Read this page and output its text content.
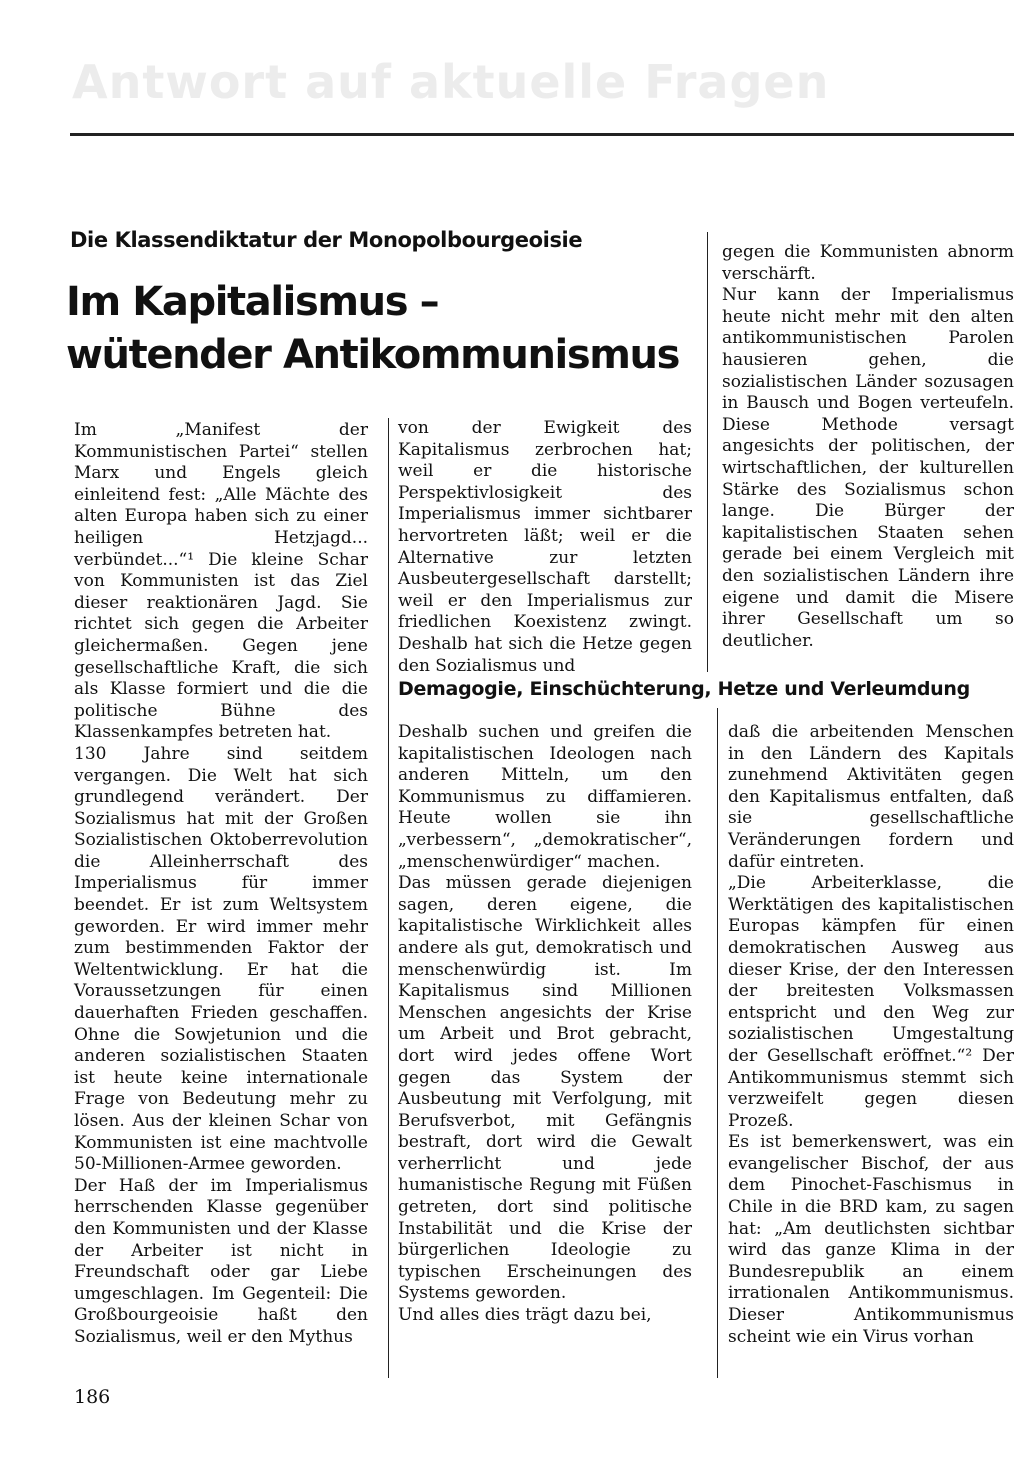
Antwort auf aktuelle Fragen
Die Klassendiktatur der Monopolbourgeoisie
Im Kapitalismus –
wütender Antikommunismus

Im „Manifest der Kommunistischen Partei“ stellen Marx und Engels gleich einleitend fest: „Alle Mächte des alten Europa haben sich zu einer heiligen Hetzjagd... verbündet...“¹ Die kleine Schar von Kommunisten ist das Ziel dieser reaktionären Jagd. Sie richtet sich gegen die Arbeiter gleichermaßen. Gegen jene gesellschaftliche Kraft, die sich als Klasse formiert und die die politische Bühne des Klassenkampfes betreten hat.

130 Jahre sind seitdem vergangen. Die Welt hat sich grundlegend verändert. Der Sozialismus hat mit der Großen Sozialistischen Oktoberrevolution die Alleinherrschaft des Imperialismus für immer beendet. Er ist zum Weltsystem geworden. Er wird immer mehr zum bestimmenden Faktor der Weltentwicklung. Er hat die Voraussetzungen für einen dauerhaften Frieden geschaffen. Ohne die Sowjetunion und die anderen sozialistischen Staaten ist heute keine internationale Frage von Bedeutung mehr zu lösen. Aus der kleinen Schar von Kommunisten ist eine machtvolle 50-Millionen-Armee geworden.

Der Haß der im Imperialismus herrschenden Klasse gegenüber den Kommunisten und der Klasse der Arbeiter ist nicht in Freundschaft oder gar Liebe umgeschlagen. Im Gegenteil: Die Großbourgeoisie haßt den Sozialismus, weil er den Mythus

von der Ewigkeit des Kapitalismus zerbrochen hat; weil er die historische Perspektivlosigkeit des Imperialismus immer sichtbarer hervortreten läßt; weil er die Alternative zur letzten Ausbeutergesellschaft darstellt; weil er den Imperialismus zur friedlichen Koexistenz zwingt. Deshalb hat sich die Hetze gegen den Sozialismus und

gegen die Kommunisten abnorm verschärft.

Nur kann der Imperialismus heute nicht mehr mit den alten antikommunistischen Parolen hausieren gehen, die sozialistischen Länder sozusagen in Bausch und Bogen verteufeln. Diese Methode versagt angesichts der politischen, der wirtschaftlichen, der kulturellen Stärke des Sozialismus schon lange. Die Bürger der kapitalistischen Staaten sehen gerade bei einem Vergleich mit den sozialistischen Ländern ihre eigene und damit die Misere ihrer Gesellschaft um so deutlicher.

Demagogie, Einschüchterung, Hetze und Verleumdung

Deshalb suchen und greifen die kapitalistischen Ideologen nach anderen Mitteln, um den Kommunismus zu diffamieren. Heute wollen sie ihn „verbessern“, „demokratischer“, „menschenwürdiger“ machen.

Das müssen gerade diejenigen sagen, deren eigene, die kapitalistische Wirklichkeit alles andere als gut, demokratisch und menschenwürdig ist. Im Kapitalismus sind Millionen Menschen angesichts der Krise um Arbeit und Brot gebracht, dort wird jedes offene Wort gegen das System der Ausbeutung mit Verfolgung, mit Berufsverbot, mit Gefängnis bestraft, dort wird die Gewalt verherrlicht und jede humanistische Regung mit Füßen getreten, dort sind politische Instabilität und die Krise der bürgerlichen Ideologie zu typischen Erscheinungen des Systems geworden.

Und alles dies trägt dazu bei,

daß die arbeitenden Menschen in den Ländern des Kapitals zunehmend Aktivitäten gegen den Kapitalismus entfalten, daß sie gesellschaftliche Veränderungen fordern und dafür eintreten.

„Die Arbeiterklasse, die Werktätigen des kapitalistischen Europas kämpfen für einen demokratischen Ausweg aus dieser Krise, der den Interessen der breitesten Volksmassen entspricht und den Weg zur sozialistischen Umgestaltung der Gesellschaft eröffnet.“² Der Antikommunismus stemmt sich verzweifelt gegen diesen Prozeß.

Es ist bemerkenswert, was ein evangelischer Bischof, der aus dem Pinochet-Faschismus in Chile in die BRD kam, zu sagen hat: „Am deutlichsten sichtbar wird das ganze Klima in der Bundesrepublik an einem irrationalen Antikommunismus. Dieser Antikommunismus scheint wie ein Virus vorhan

186
